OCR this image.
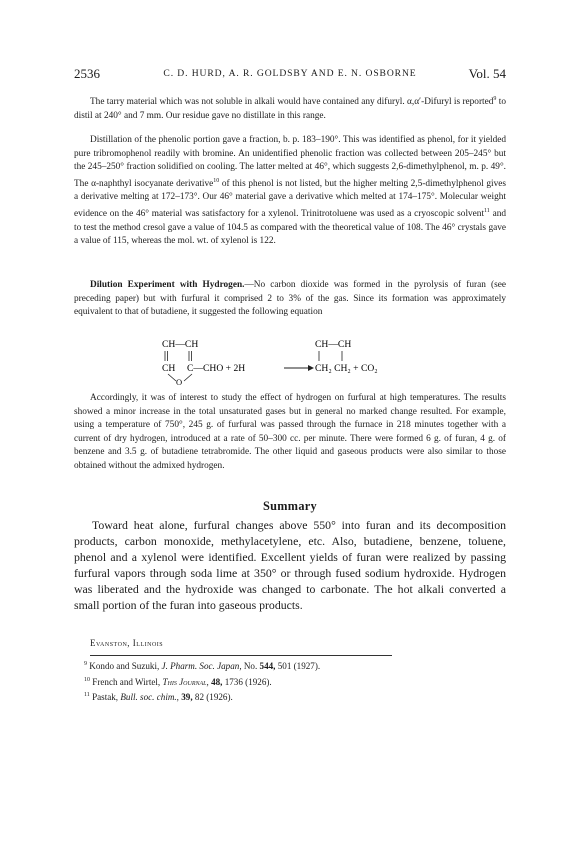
2536	C. D. HURD, A. R. GOLDSBY AND E. N. OSBORNE	Vol. 54

The tarry material which was not soluble in alkali would have contained any difuryl. α,α′-Difuryl is reported$^9$ to distil at 240° and 7 mm. Our residue gave no distillate in this range.

Distillation of the phenolic portion gave a fraction, b. p. 183–190°. This was identified as phenol, for it yielded pure tribromophenol readily with bromine. An unidentified phenolic fraction was collected between 205–245° but the 245–250° fraction solidified on cooling. The latter melted at 46°, which suggests 2,6-dimethylphenol, m. p. 49°. The α-naphthyl isocyanate derivative$^{10}$ of this phenol is not listed, but the higher melting 2,5-dimethylphenol gives a derivative melting at 172–173°. Our 46° material gave a derivative which melted at 174–175°. Molecular weight evidence on the 46° material was satisfactory for a xylenol. Trinitrotoluene was used as a cryoscopic solvent$^{11}$ and to test the method cresol gave a value of 104.5 as compared with the theoretical value of 108. The 46° crystals gave a value of 115, whereas the mol. wt. of xylenol is 122.

Dilution Experiment with Hydrogen.—No carbon dioxide was formed in the pyrolysis of furan (see preceding paper) but with furfural it comprised 2 to 3% of the gas. Since its formation was approximately equivalent to that of butadiene, it suggested the following equation

CH—CH
CH C—CHO + 2H
O
CH—CH
CH₂ CH₂ + CO₂

Accordingly, it was of interest to study the effect of hydrogen on furfural at high temperatures. The results showed a minor increase in the total unsaturated gases but in general no marked change resulted. For example, using a temperature of 750°, 245 g. of furfural was passed through the furnace in 218 minutes together with a current of dry hydrogen, introduced at a rate of 50–300 cc. per minute. There were formed 6 g. of furan, 4 g. of benzene and 3.5 g. of butadiene tetrabromide. The other liquid and gaseous products were also similar to those obtained without the admixed hydrogen.

Summary

Toward heat alone, furfural changes above 550° into furan and its decomposition products, carbon monoxide, methylacetylene, etc. Also, butadiene, benzene, toluene, phenol and a xylenol were identified. Excellent yields of furan were realized by passing furfural vapors through soda lime at 350° or through fused sodium hydroxide. Hydrogen was liberated and the hydroxide was changed to carbonate. The hot alkali converted a small portion of the furan into gaseous products.

Evanston, Illinois
$^9$ Kondo and Suzuki, J. Pharm. Soc. Japan, No. 544, 501 (1927).
$^{10}$ French and Wirtel, This Journal, 48, 1736 (1926).
$^{11}$ Pastak, Bull. soc. chim., 39, 82 (1926).
